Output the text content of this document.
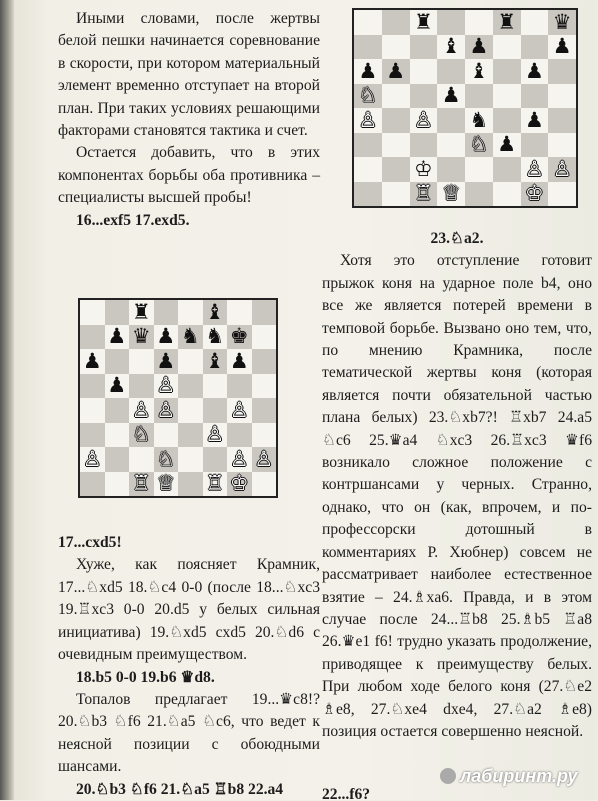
♜	♜ ♛
♝ ♟	♟
♟ ♟	♝ ♟
♘	♟
♙ ♙ ♞ ♟
♘ ♟
♔	♙ ♙
♖ ♕	♔
♜	♝
♟ ♛ ♟ ♞ ♞ ♚
♟	♟ ♝ ♟
♟ ♙
♙ ♙	♙
♘	♙
♙	♘	♙ ♙
♖ ♕ ♖ ♔

Иными словами, после жертвы белой пешки начинается соревнование в скорости, при котором материальный элемент временно отступает на второй план. При таких условиях решающими факторами становятся тактика и счет.

Остается добавить, что в этих компонентах борьбы оба противника – специалисты высшей пробы!

16...exf5 17.exd5.

17...cxd5!

Хуже, как поясняет Крамник, 17...♘xd5 18.♘c4 0-0 (после 18...♘xc3 19.♖xc3 0-0 20.d5 у белых сильная инициатива) 19.♘xd5 cxd5 20.♘d6 с очевидным преимуществом.

18.b5 0-0 19.b6 ♛d8.

Топалов предлагает 19...♛c8!? 20.♘b3 ♘f6 21.♘a5 ♘c6, что ведет к неясной позиции с обоюдными шансами.

20.♘b3 ♘f6 21.♘a5 ♖b8 22.a4

23.♘a2.

Хотя это отступление готовит прыжок коня на ударное поле b4, оно все же является потерей времени в темповой борьбе. Вызвано оно тем, что, по мнению Крамника, после тематической жертвы коня (которая является почти обязательной частью плана белых) 23.♘xb7?! ♖xb7 24.a5 ♘c6 25.♛a4 ♘xc3 26.♖xc3 ♛f6 возникало сложное положение с контршансами у черных. Странно, однако, что он (как, впрочем, и по-профессорски дотошный в комментариях Р. Хюбнер) совсем не рассматривает наиболее естественное взятие – 24.♗xa6. Правда, и в этом случае после 24...♖b8 25.♗b5 ♖a8 26.♛e1 f6! трудно указать продолжение, приводящее к преимуществу белых. При любом ходе белого коня (27.♘e2 ♗e8, 27.♘xe4 dxe4, 27.♘a2 ♗e8) позиция остается совершенно неясной.

22...f6?
лабиринт.ру
